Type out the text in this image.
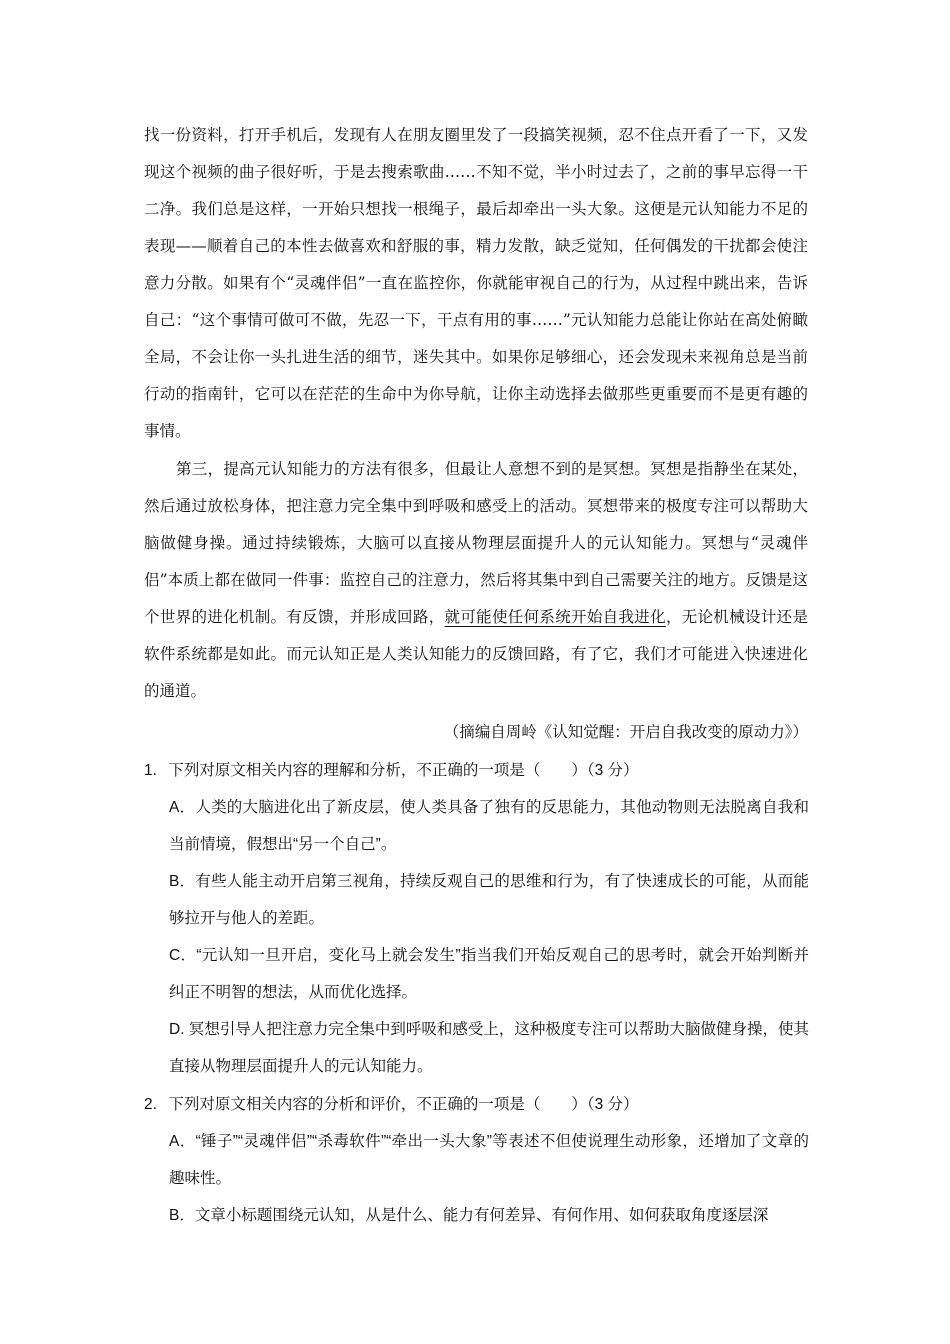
找一份资料，打开手机后，发现有人在朋友圈里发了一段搞笑视频，忍不住点开看了一下，又发现这个视频的曲子很好听，于是去搜索歌曲……不知不觉，半小时过去了，之前的事早忘得一干二净。我们总是这样，一开始只想找一根绳子，最后却牵出一头大象。这便是元认知能力不足的表现——顺着自己的本性去做喜欢和舒服的事，精力发散，缺乏觉知，任何偶发的干扰都会使注意力分散。如果有个“灵魂伴侣”一直在监控你，你就能审视自己的行为，从过程中跳出来，告诉自己：“这个事情可做可不做，先忍一下，干点有用的事……”元认知能力总能让你站在高处俯瞰全局，不会让你一头扎进生活的细节，迷失其中。如果你足够细心，还会发现未来视角总是当前行动的指南针，它可以在茫茫的生命中为你导航，让你主动选择去做那些更重要而不是更有趣的事情。

第三，提高元认知能力的方法有很多，但最让人意想不到的是冥想。冥想是指静坐在某处，然后通过放松身体，把注意力完全集中到呼吸和感受上的活动。冥想带来的极度专注可以帮助大脑做健身操。通过持续锻炼，大脑可以直接从物理层面提升人的元认知能力。冥想与“灵魂伴侣”本质上都在做同一件事：监控自己的注意力，然后将其集中到自己需要关注的地方。反馈是这个世界的进化机制。有反馈，并形成回路，就可能使任何系统开始自我进化，无论机械设计还是软件系统都是如此。而元认知正是人类认知能力的反馈回路，有了它，我们才可能进入快速进化的通道。

（摘编自周岭《认知觉醒：开启自我改变的原动力》）

1. 下列对原文相关内容的理解和分析，不正确的一项是（　　）（3 分）

A．人类的大脑进化出了新皮层，使人类具备了独有的反思能力，其他动物则无法脱离自我和当前情境，假想出“另一个自己”。

B．有些人能主动开启第三视角，持续反观自己的思维和行为，有了快速成长的可能，从而能够拉开与他人的差距。

C．“元认知一旦开启，变化马上就会发生”指当我们开始反观自己的思考时，就会开始判断并纠正不明智的想法，从而优化选择。

D. 冥想引导人把注意力完全集中到呼吸和感受上，这种极度专注可以帮助大脑做健身操，使其直接从物理层面提升人的元认知能力。

2. 下列对原文相关内容的分析和评价，不正确的一项是（　　）（3 分）

A．“锤子”“灵魂伴侣”“杀毒软件”“牵出一头大象”等表述不但使说理生动形象，还增加了文章的趣味性。

B．文章小标题围绕元认知，从是什么、能力有何差异、有何作用、如何获取角度逐层深
